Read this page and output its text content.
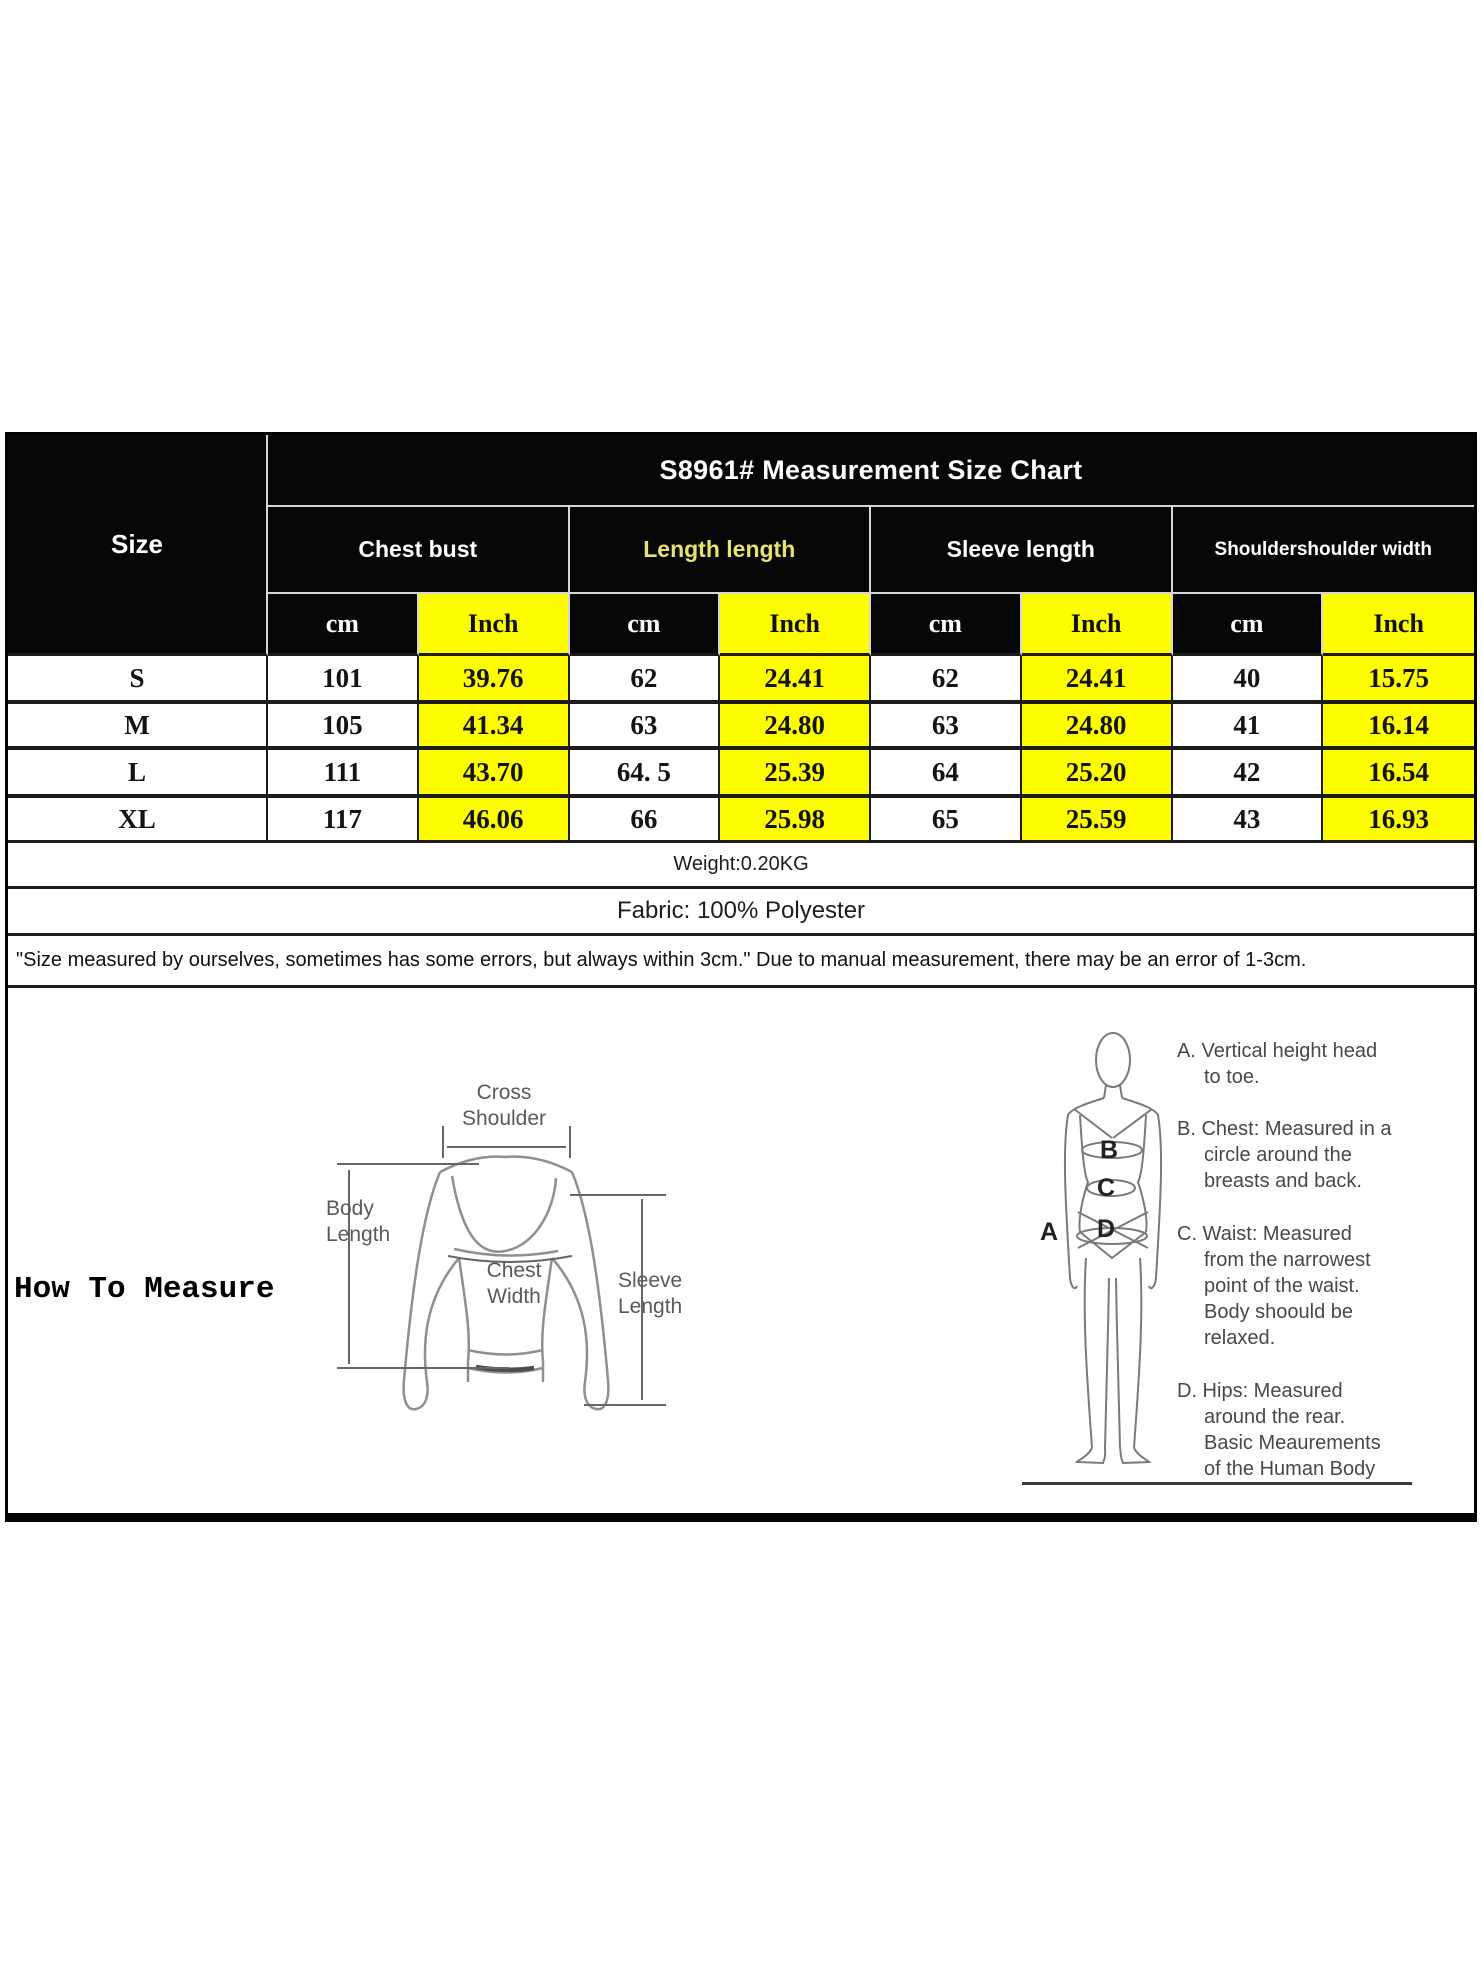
Size
S8961# Measurement Size Chart
Chest bust	Length length	Sleeve length	Shouldershoulder width
cm	Inch	cm	Inch	cm	Inch	cm	Inch
S	101	39.76	62	24.41	62	24.41	40	15.75
M	105	41.34	63	24.80	63	24.80	41	16.14
L	111	43.70	64. 5	25.39	64	25.20	42	16.54
XL	117	46.06	66	25.98	65	25.59	43	16.93
Weight:0.20KG
Fabric: 100% Polyester
"Size measured by ourselves, sometimes has some errors, but always within 3cm." Due to manual measurement, there may be an error of 1-3cm.
How To Measure
Cross
Shoulder
Body
Length
Chest
Width
Sleeve
Length
A
B
C
D
A. Vertical height head
to toe.
B. Chest: Measured in a
circle around the
breasts and back.
C. Waist: Measured
from the narrowest
point of the waist.
Body shoould be
relaxed.
D. Hips: Measured
around the rear.
Basic Meaurements
of the Human Body
